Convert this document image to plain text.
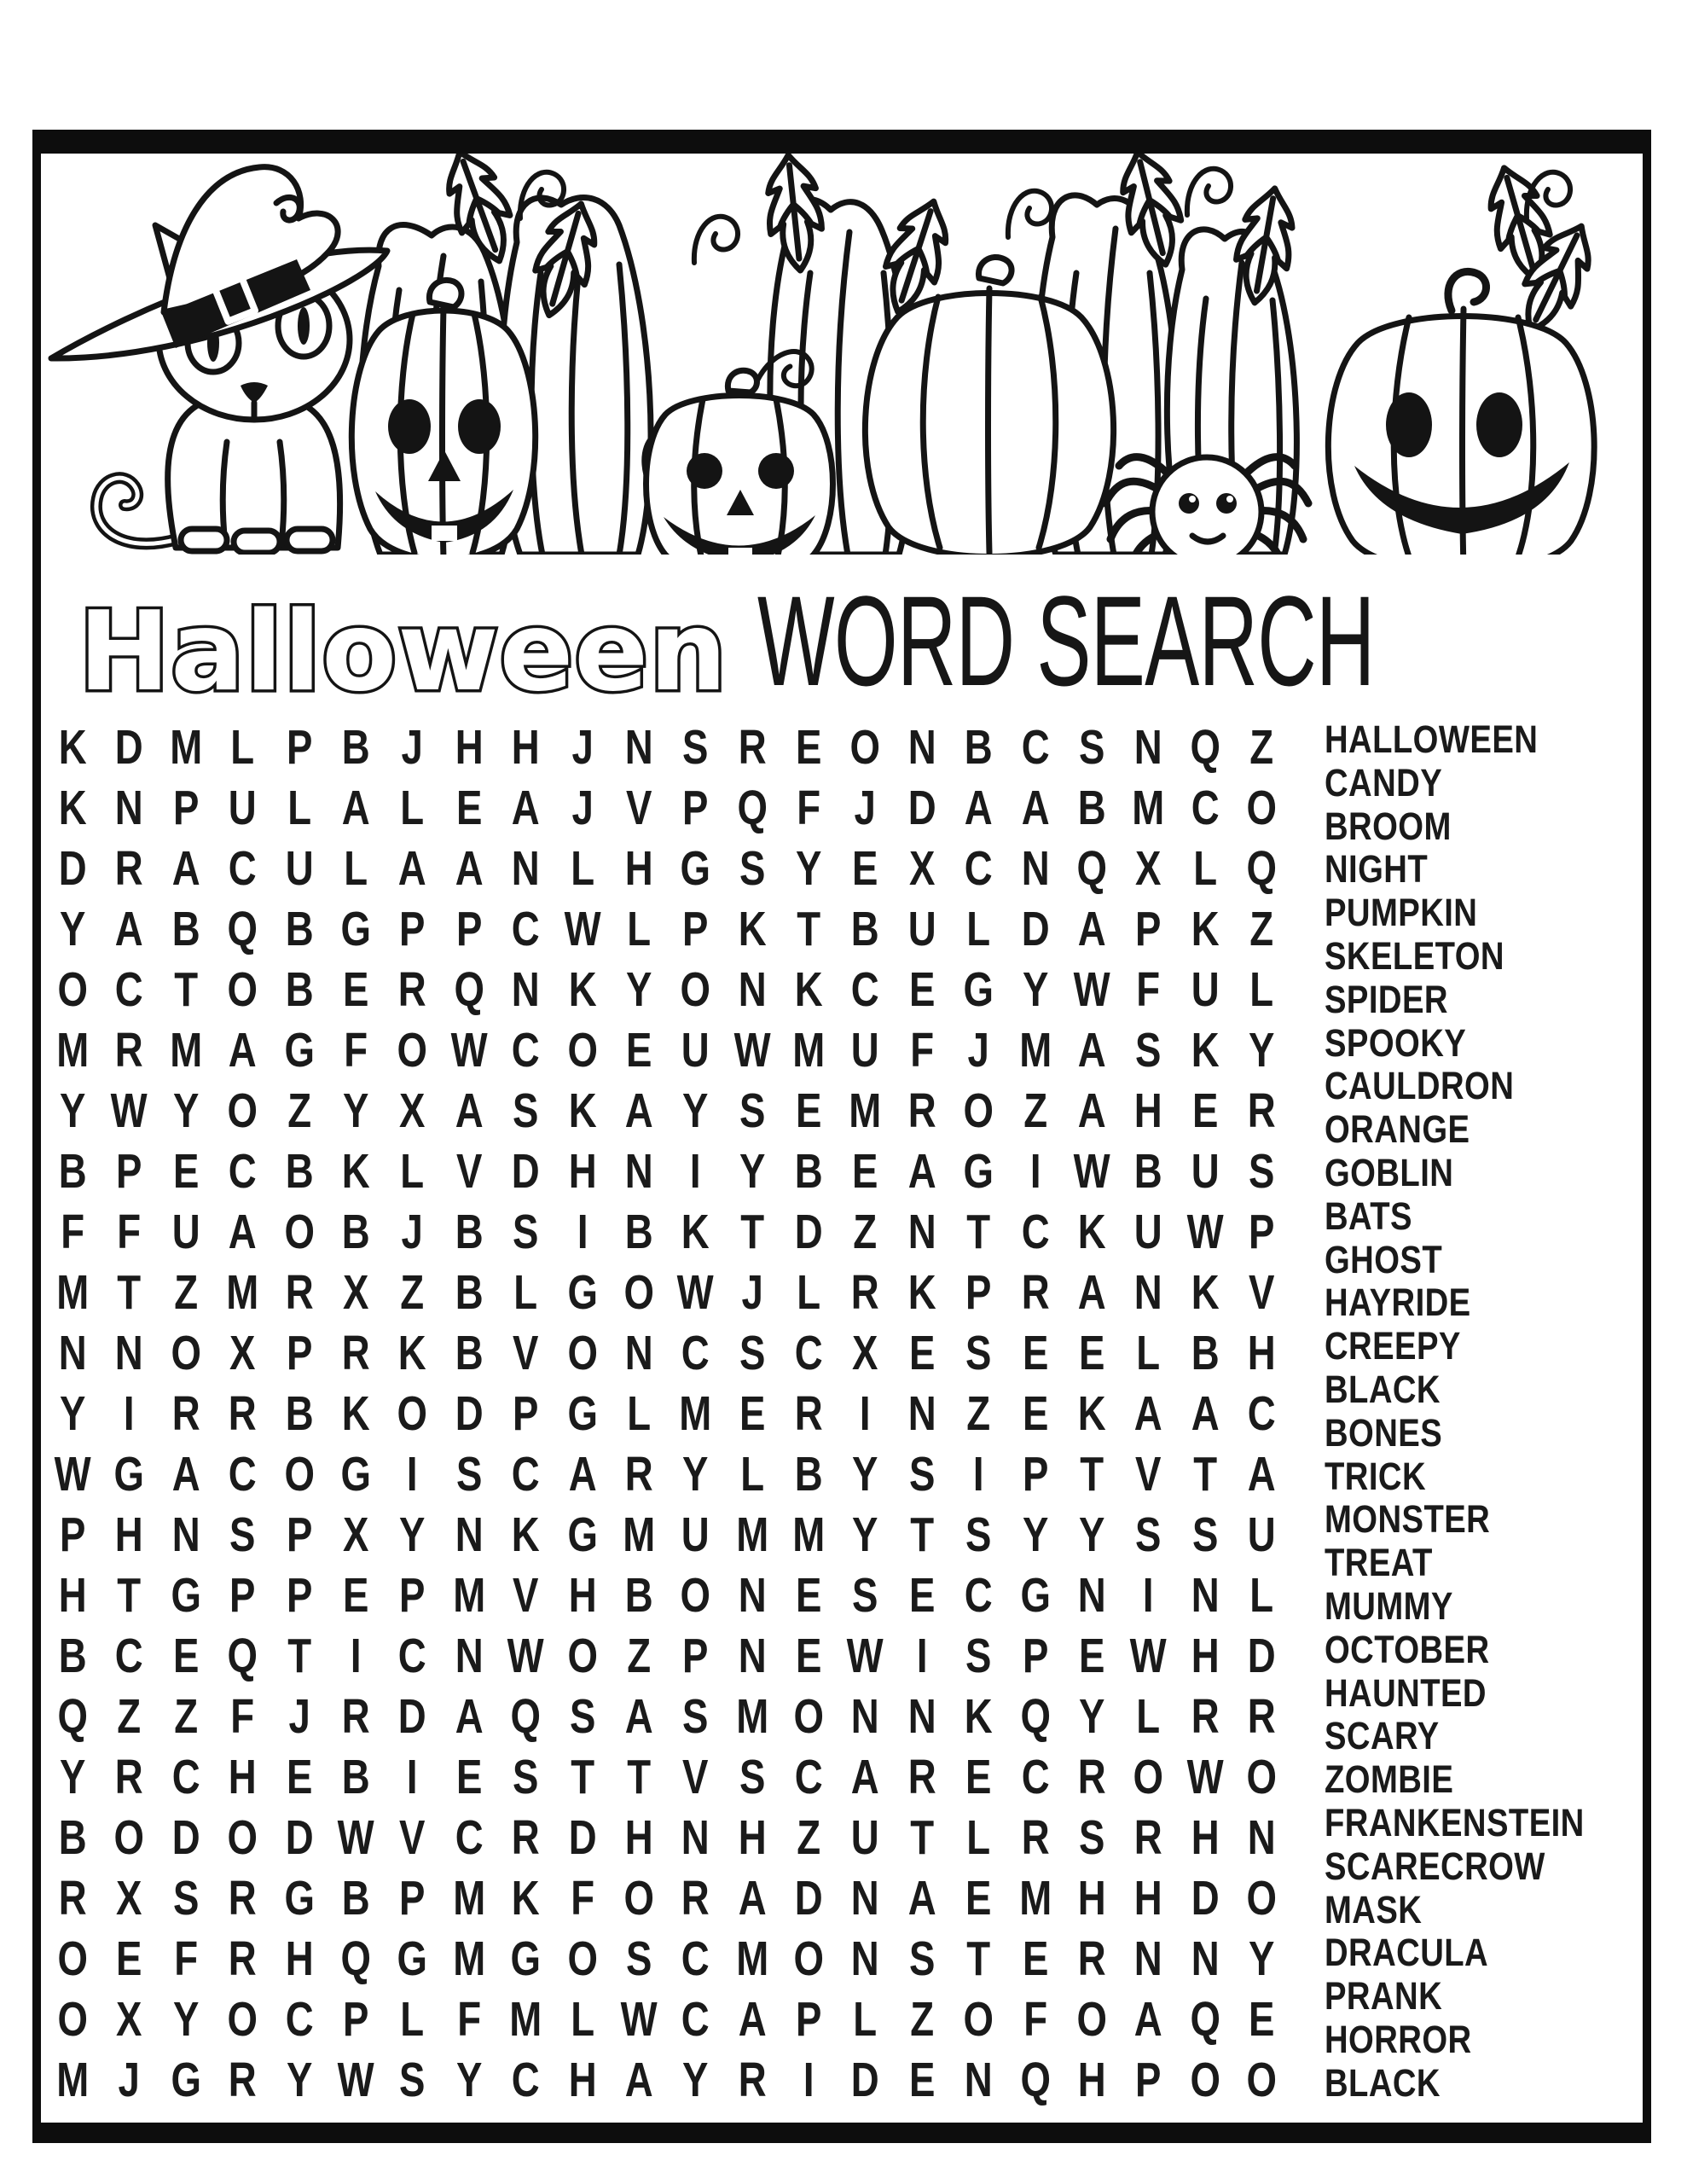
Halloween WORD SEARCH
K D M L P B J H H J N S R E O N B C S N Q Z
K N P U L A L E A J V P Q F J D A A B M C O
D R A C U L A A N L H G S Y E X C N Q X L Q
Y A B Q B G P P C W L P K T B U L D A P K Z
O C T O B E R Q N K Y O N K C E G Y W F U L
M R M A G F O W C O E U W M U F J M A S K Y
Y W Y O Z Y X A S K A Y S E M R O Z A H E R
B P E C B K L V D H N I Y B E A G I W B U S
F F U A O B J B S I B K T D Z N T C K U W P
M T Z M R X Z B L G O W J L R K P R A N K V
N N O X P R K B V O N C S C X E S E E L B H
Y I R R B K O D P G L M E R I N Z E K A A C
W G A C O G I S C A R Y L B Y S I P T V T A
P H N S P X Y N K G M U M M Y T S Y Y S S U
H T G P P E P M V H B O N E S E C G N I N L
B C E Q T I C N W O Z P N E W I S P E W H D
Q Z Z F J R D A Q S A S M O N N K Q Y L R R
Y R C H E B I E S T T V S C A R E C R O W O
B O D O D W V C R D H N H Z U T L R S R H N
R X S R G B P M K F O R A D N A E M H H D O
O E F R H Q G M G O S C M O N S T E R N N Y
O X Y O C P L F M L W C A P L Z O F O A Q E
M J G R Y W S Y C H A Y R I D E N Q H P O O
HALLOWEEN
CANDY
BROOM
NIGHT
PUMPKIN
SKELETON
SPIDER
SPOOKY
CAULDRON
ORANGE
GOBLIN
BATS
GHOST
HAYRIDE
CREEPY
BLACK
BONES
TRICK
MONSTER
TREAT
MUMMY
OCTOBER
HAUNTED
SCARY
ZOMBIE
FRANKENSTEIN
SCARECROW
MASK
DRACULA
PRANK
HORROR
BLACK
